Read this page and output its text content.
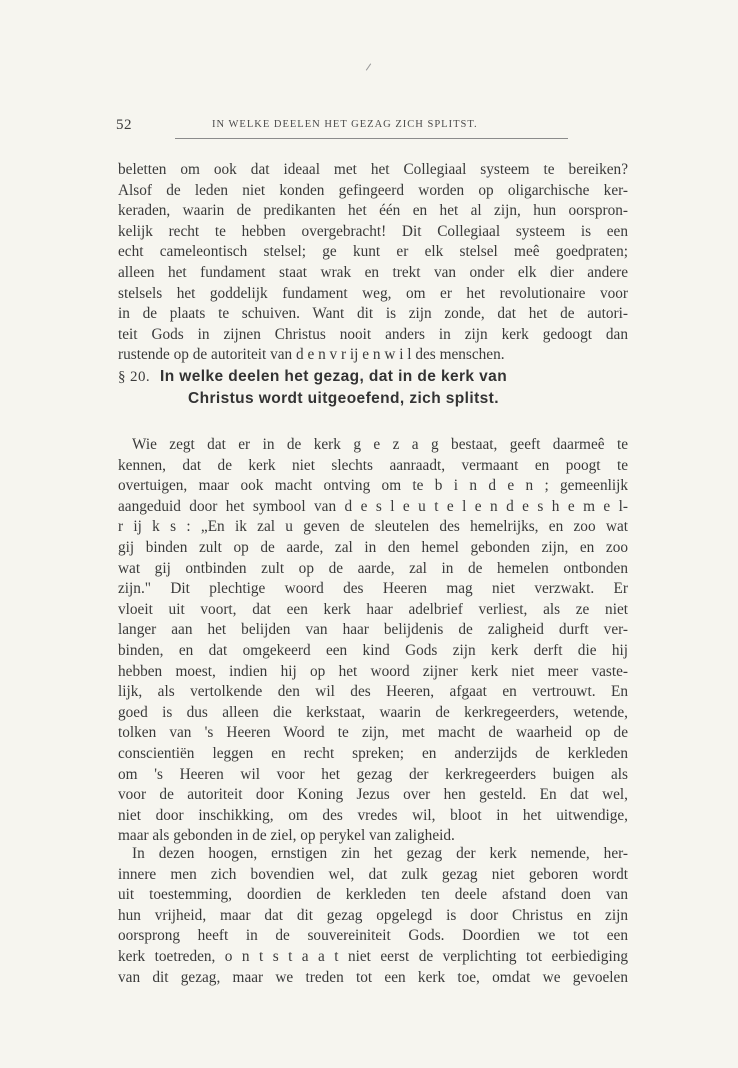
52	IN WELKE DEELEN HET GEZAG ZICH SPLITST.
beletten om ook dat ideaal met het Collegiaal systeem te bereiken?
Alsof de leden niet konden gefingeerd worden op oligarchische ker-
keraden, waarin de predikanten het één en het al zijn, hun oorspron-
kelijk recht te hebben overgebracht! Dit Collegiaal systeem is een
echt cameleontisch stelsel; ge kunt er elk stelsel meê goedpraten;
alleen het fundament staat wrak en trekt van onder elk dier andere
stelsels het goddelijk fundament weg, om er het revolutionaire voor
in de plaats te schuiven. Want dit is zijn zonde, dat het de autori-
teit Gods in zijnen Christus nooit anders in zijn kerk gedoogt dan
rustende op de autoriteit van d e n v r ij e n w i l des menschen.
§ 20. In welke deelen het gezag, dat in de kerk van
Christus wordt uitgeoefend, zich splitst.
Wie zegt dat er in de kerk g e z a g bestaat, geeft daarmeê te
kennen, dat de kerk niet slechts aanraadt, vermaant en poogt te
overtuigen, maar ook macht ontving om te b i n d e n ; gemeenlijk
aangeduid door het symbool van d e s l e u t e l e n d e s h e m e l-
r ij k s : „En ik zal u geven de sleutelen des hemelrijks, en zoo wat
gij binden zult op de aarde, zal in den hemel gebonden zijn, en zoo
wat gij ontbinden zult op de aarde, zal in de hemelen ontbonden
zijn." Dit plechtige woord des Heeren mag niet verzwakt. Er
vloeit uit voort, dat een kerk haar adelbrief verliest, als ze niet
langer aan het belijden van haar belijdenis de zaligheid durft ver-
binden, en dat omgekeerd een kind Gods zijn kerk derft die hij
hebben moest, indien hij op het woord zijner kerk niet meer vaste-
lijk, als vertolkende den wil des Heeren, afgaat en vertrouwt. En
goed is dus alleen die kerkstaat, waarin de kerkregeerders, wetende,
tolken van 's Heeren Woord te zijn, met macht de waarheid op de
conscientiën leggen en recht spreken; en anderzijds de kerkleden
om 's Heeren wil voor het gezag der kerkregeerders buigen als
voor de autoriteit door Koning Jezus over hen gesteld. En dat wel,
niet door inschikking, om des vredes wil, bloot in het uitwendige,
maar als gebonden in de ziel, op perykel van zaligheid.
In dezen hoogen, ernstigen zin het gezag der kerk nemende, her-
innere men zich bovendien wel, dat zulk gezag niet geboren wordt
uit toestemming, doordien de kerkleden ten deele afstand doen van
hun vrijheid, maar dat dit gezag opgelegd is door Christus en zijn
oorsprong heeft in de souvereiniteit Gods. Doordien we tot een
kerk toetreden, o n t s t a a t niet eerst de verplichting tot eerbiediging
van dit gezag, maar we treden tot een kerk toe, omdat we gevoelen
